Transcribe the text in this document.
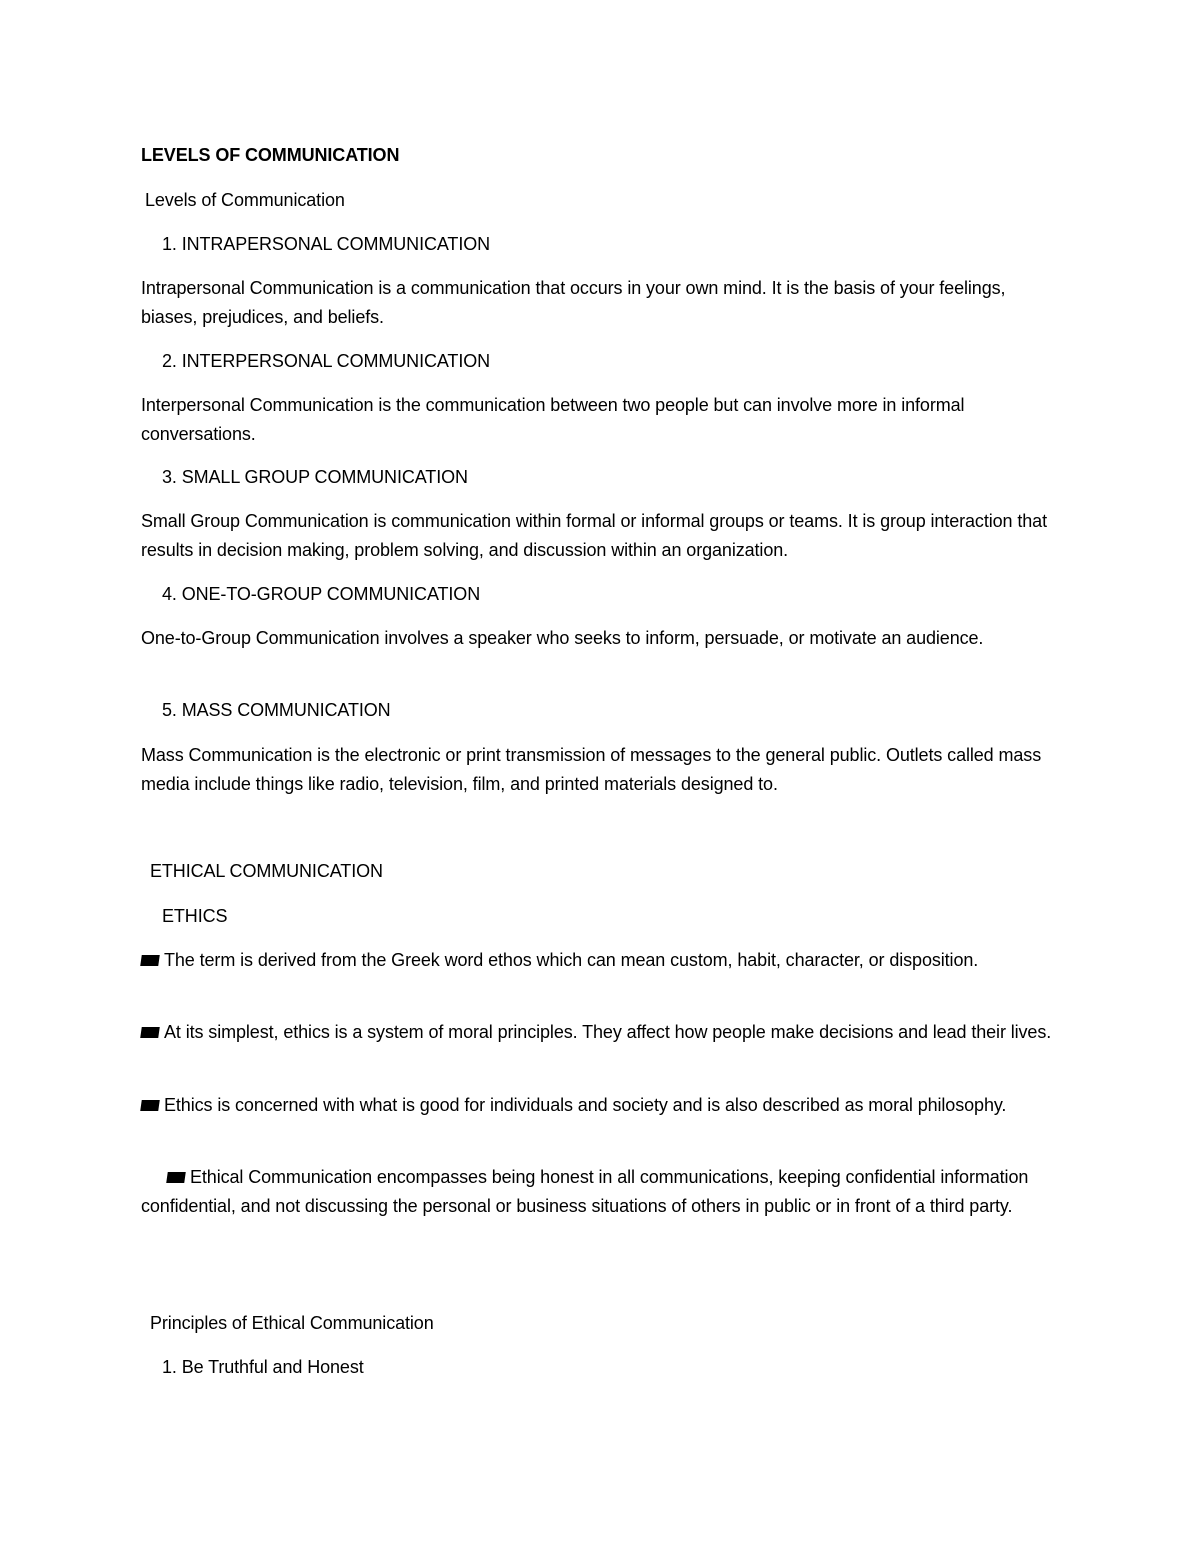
LEVELS OF COMMUNICATION
Levels of Communication
1. INTRAPERSONAL COMMUNICATION
Intrapersonal Communication is a communication that occurs in your own mind. It is the basis of your feelings, biases, prejudices, and beliefs.
2. INTERPERSONAL COMMUNICATION
Interpersonal Communication is the communication between two people but can involve more in informal conversations.
3. SMALL GROUP COMMUNICATION
Small Group Communication is communication within formal or informal groups or teams. It is group interaction that results in decision making, problem solving, and discussion within an organization.
4. ONE-TO-GROUP COMMUNICATION
One-to-Group Communication involves a speaker who seeks to inform, persuade, or motivate an audience.
5. MASS COMMUNICATION
Mass Communication is the electronic or print transmission of messages to the general public. Outlets called mass media include things like radio, television, film, and printed materials designed to.
ETHICAL COMMUNICATION
ETHICS
The term is derived from the Greek word ethos which can mean custom, habit, character, or disposition.
At its simplest, ethics is a system of moral principles. They affect how people make decisions and lead their lives.
Ethics is concerned with what is good for individuals and society and is also described as moral philosophy.
Ethical Communication encompasses being honest in all communications, keeping confidential information confidential, and not discussing the personal or business situations of others in public or in front of a third party.
Principles of Ethical Communication
1. Be Truthful and Honest
